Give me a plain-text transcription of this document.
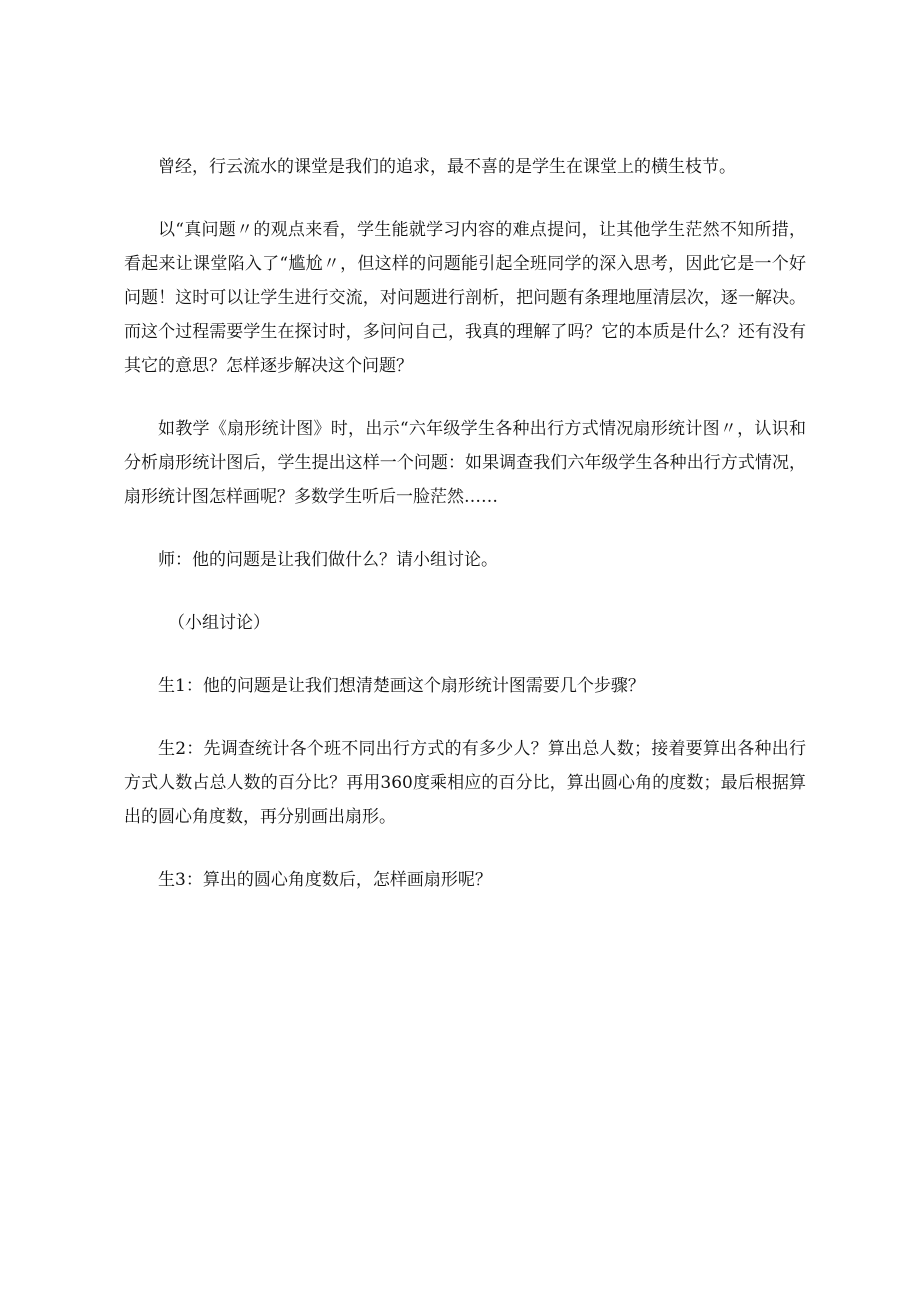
曾经，行云流水的课堂是我们的追求，最不喜的是学生在课堂上的横生枝节。

以“真问题〃的观点来看，学生能就学习内容的难点提问，让其他学生茫然不知所措，看起来让课堂陷入了“尴尬〃，但这样的问题能引起全班同学的深入思考，因此它是一个好问题！这时可以让学生进行交流，对问题进行剖析，把问题有条理地厘清层次，逐一解决。而这个过程需要学生在探讨时，多问问自己，我真的理解了吗？它的本质是什么？还有没有其它的意思？怎样逐步解决这个问题？

如教学《扇形统计图》时，出示“六年级学生各种出行方式情况扇形统计图〃，认识和分析扇形统计图后，学生提出这样一个问题：如果调查我们六年级学生各种出行方式情况，扇形统计图怎样画呢？多数学生听后一脸茫然……

师：他的问题是让我们做什么？请小组讨论。

（小组讨论）

生1：他的问题是让我们想清楚画这个扇形统计图需要几个步骤？

生2：先调查统计各个班不同出行方式的有多少人？算出总人数；接着要算出各种出行方式人数占总人数的百分比？再用360度乘相应的百分比，算出圆心角的度数；最后根据算出的圆心角度数，再分别画出扇形。

生3：算出的圆心角度数后，怎样画扇形呢？
